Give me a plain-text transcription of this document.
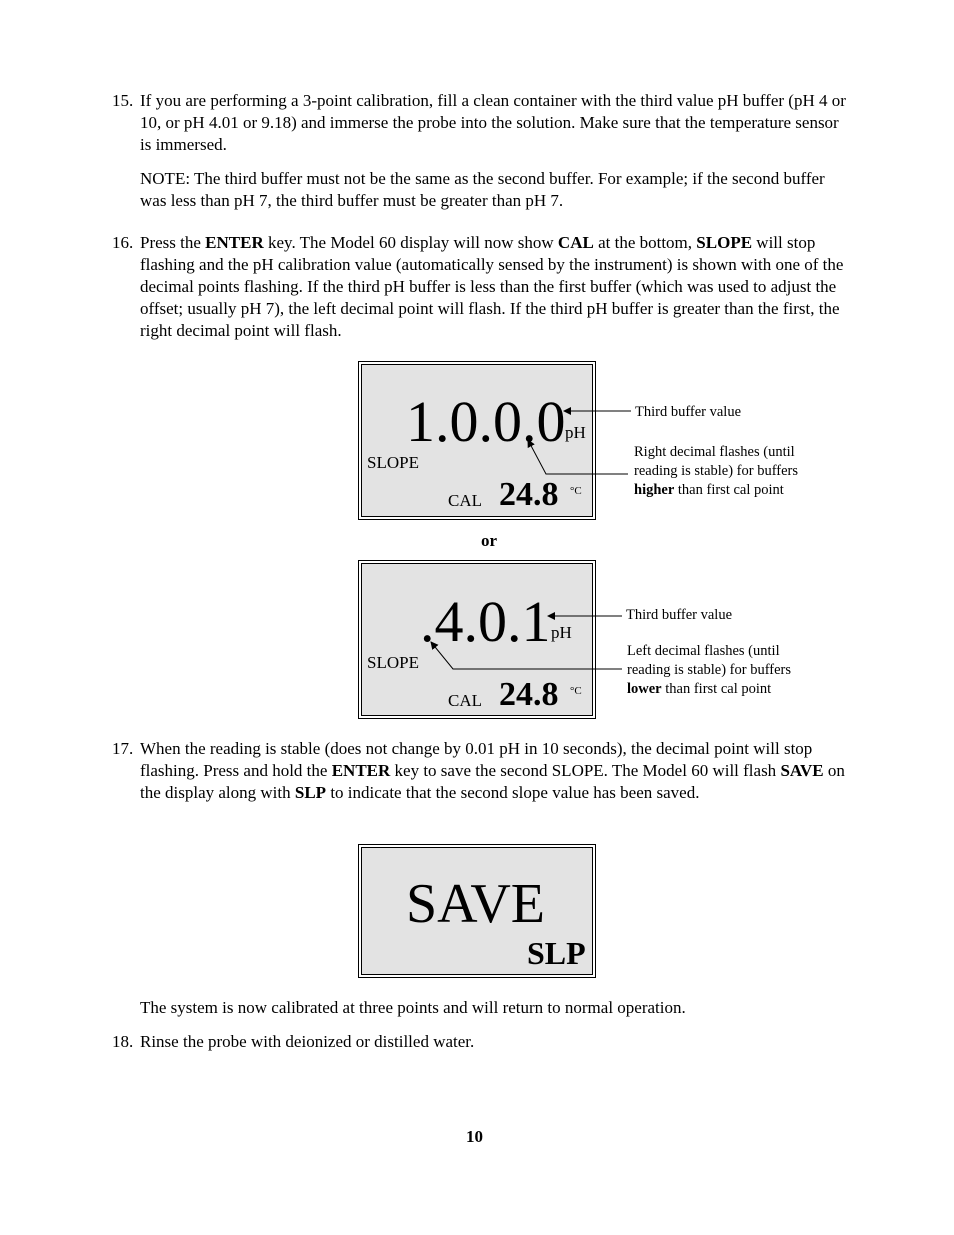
15. If you are performing a 3-point calibration, fill a clean container with the third value pH buffer (pH 4 or 10, or pH 4.01 or 9.18) and immerse the probe into the solution. Make sure that the temperature sensor is immersed.

NOTE: The third buffer must not be the same as the second buffer. For example; if the second buffer was less than pH 7, the third buffer must be greater than pH 7.
16. Press the ENTER key. The Model 60 display will now show CAL at the bottom, SLOPE will stop flashing and the pH calibration value (automatically sensed by the instrument) is shown with one of the decimal points flashing. If the third pH buffer is less than the first buffer (which was used to adjust the offset; usually pH 7), the left decimal point will flash. If the third pH buffer is greater than the first, the right decimal point will flash.

1.0.0.0 pH
SLOPE
CAL 24.8 °C
Third buffer value
Right decimal flashes (until
reading is stable) for buffers
higher than first cal point
or
.4.0.1 pH
SLOPE
CAL 24.8 °C
Third buffer value
Left decimal flashes (until
reading is stable) for buffers
lower than first cal point
17. When the reading is stable (does not change by 0.01 pH in 10 seconds), the decimal point will stop flashing. Press and hold the ENTER key to save the second SLOPE. The Model 60 will flash SAVE on the display along with SLP to indicate that the second slope value has been saved.

SAVE
SLP
The system is now calibrated at three points and will return to normal operation.
18. Rinse the probe with deionized or distilled water.

10
